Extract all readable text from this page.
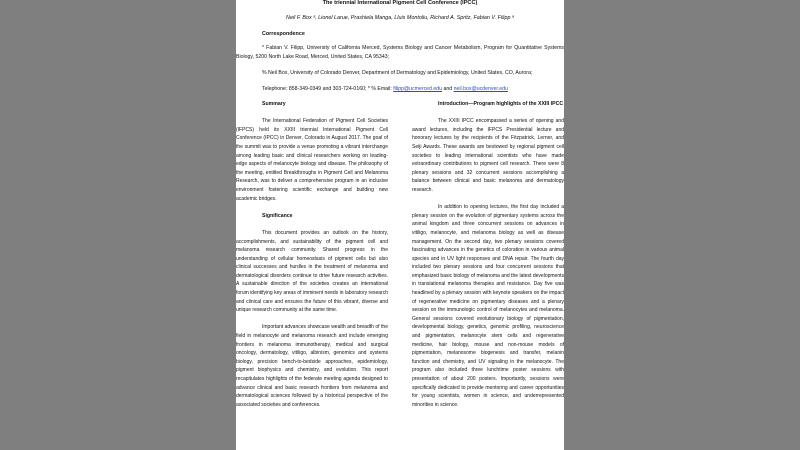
The triennial International Pigment Cell Conference (IPCC)

Neil F. Box ᵃ, Lionel Larue, Prashiela Manga, Lluis Montoliu, Richard A. Spritz, Fabian V. Filipp ᵃ

Correspondence

* Fabian V. Filipp, University of California Merced, Systems Biology and Cancer Metabolism, Program for Quantitative Systems Biology, 5200 North Lake Road, Merced, United States, CA 95343;

% Neil Box, University of Colorado Denver, Department of Dermatology and Epidemiology, United States, CO, Aurora;

Telephone: 858-349-0349 and 303-724-0160; * % Email: filipp@ucmerced.edu and neil.box@ucdenver.edu

Summary

The International Federation of Pigment Cell Societies (IFPCS) held its XXIII triennial International Pigment Cell Conference (IPCC) in Denver, Colorado in August 2017. The goal of the summit was to provide a venue promoting a vibrant interchange among leading basic and clinical researchers working on leading-edge aspects of melanocyte biology and disease. The philosophy of the meeting, entitled Breakthroughs in Pigment Cell and Melanoma Research, was to deliver a comprehensive program in an inclusive environment fostering scientific exchange and building new academic bridges.

Significance

This document provides an outlook on the history, accomplishments, and sustainability of the pigment cell and melanoma research community. Shared progress in the understanding of cellular homeostasis of pigment cells but also clinical successes and hurdles in the treatment of melanoma and dermatological disorders continue to drive future research activities. A sustainable direction of the societies creates an international forum identifying key areas of imminent needs in laboratory research and clinical care and ensures the future of this vibrant, diverse and unique research community at the same time.

Important advances showcase wealth and breadth of the field in melanocyte and melanoma research and include emerging frontiers in melanoma immunotherapy, medical and surgical oncology, dermatology, vitiligo, albinism, genomics and systems biology, precision bench-to-bedside approaches, epidemiology, pigment biophysics and chemistry, and evolution. This report recapitulates highlights of the federate meeting agenda designed to advance clinical and basic research frontiers from melanoma and dermatological sciences followed by a historical perspective of the associated societies and conferences.

Introduction—Program highlights of the XXIII IPCC

The XXIII IPCC encompassed a series of opening and award lectures, including the IFPCS Presidential lecture and honorary lectures by the recipients of the Fitzpatrick, Lerner, and Seiji Awards. These awards are bestowed by regional pigment cell societies to leading international scientists who have made extraordinary contributions to pigment cell research. There were 8 plenary sessions and 32 concurrent sessions accomplishing a balance between clinical and basic melanoma and dermatology research.

In addition to opening lectures, the first day included a plenary session on the evolution of pigmentary systems across the animal kingdom and three concurrent sessions on advances in vitiligo, melanocyte, and melanoma biology as well as disease management. On the second day, two plenary sessions covered fascinating advances in the genetics of coloration in various animal species and in UV light responses and DNA repair. The fourth day included two plenary sessions and four concurrent sessions that emphasized basic biology of melanoma and the latest developments in translational melanoma therapies and resistance. Day five was headlined by a plenary session with keynote speakers on the impact of regenerative medicine on pigmentary diseases and a plenary session on the immunologic control of melanocytes and melanoma. General sessions covered evolutionary biology of pigmentation, developmental biology, genetics, genomic profiling, neuroscience and pigmentation, melanocyte stem cells and regenerative medicine, hair biology, mouse and non-mouse models of pigmentation, melanosome biogenesis and transfer, melanin function and chemistry, and UV signaling in the melanocyte. The program also included three lunchtime poster sessions with presentation of about 200 posters. Importantly, sessions were specifically dedicated to provide mentoring and career opportunities for young scientists, women in science, and underrepresented minorities in science.
